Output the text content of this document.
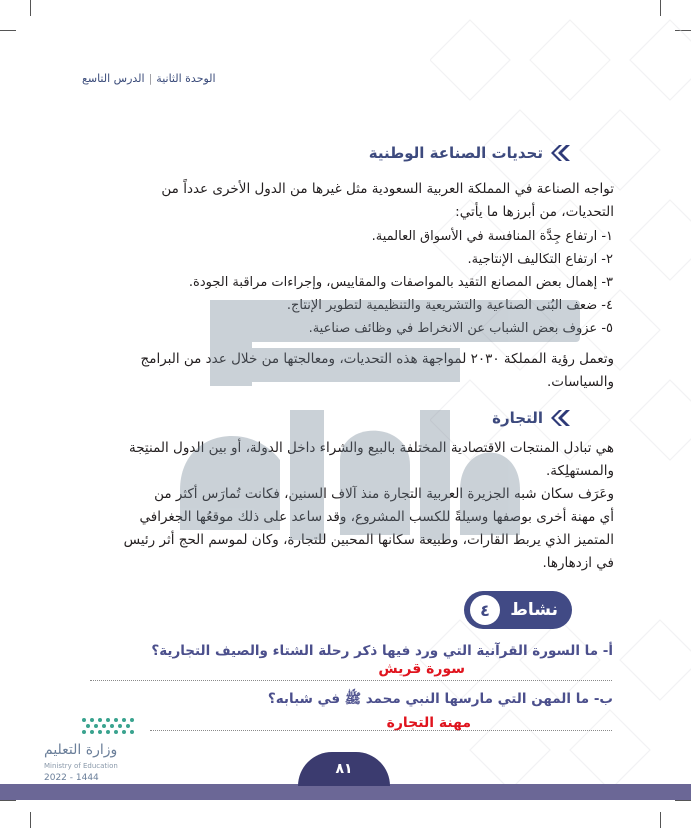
الوحدة الثانية|الدرس التاسع
تحديات الصناعة الوطنية
تواجه الصناعة في المملكة العربية السعودية مثل غيرها من الدول الأخرى عدداً من
التحديات، من أبرزها ما يأتي:
١- ارتفاع جِدَّة المنافسة في الأسواق العالمية.
٢- ارتفاع التكاليف الإنتاجية.
٣- إهمال بعض المصانع التقيد بالمواصفات والمقاييس، وإجراءات مراقبة الجودة.
٤- ضعف البُنى الصناعية والتشريعية والتنظيمية لتطوير الإنتاج.
٥- عزوف بعض الشباب عن الانخراط في وظائف صناعية.
وتعمل رؤية المملكة ٢٠٣٠ لمواجهة هذه التحديات، ومعالجتها من خلال عدد من البرامج
والسياسات.
التجارة
هي تبادل المنتجات الاقتصادية المختلفة بالبيع والشراء داخل الدولة، أو بين الدول المنتِجة
والمستهلِكة.
وعَرَف سكان شبه الجزيرة العربية التجارة منذ آلاف السنين، فكانت تُمارَس أكثر من
أي مهنة أخرى بوصفها وسيلةً للكسب المشروع، وقد ساعد على ذلك موقعُها الجغرافي
المتميز الذي يربط القارات، وطبيعة سكانها المحبين للتجارة، وكان لموسم الحج أثر رئيس
في ازدهارها.
نشاط
٤
أ- ما السورة القرآنية التي ورد فيها ذكر رحلة الشتاء والصيف التجارية؟
سورة قريش
ب- ما المهن التي مارسها النبي محمد ﷺ في شبابه؟
مهنة التجارة
وزارة التعليم
Ministry of Education
2022 - 1444
٨١
